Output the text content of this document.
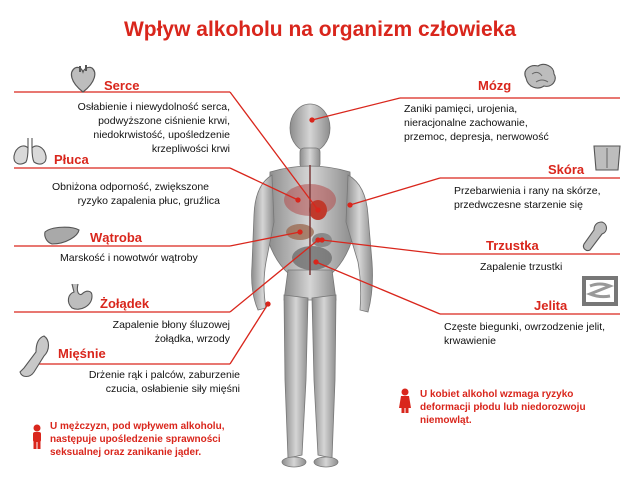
Wpływ alkoholu na organizm człowieka
Serce
Osłabienie i niewydolność serca,
podwyższone ciśnienie krwi,
niedokrwistość, upośledzenie
krzepliwości krwi
Płuca
Obniżona odporność, zwiększone
ryzyko zapalenia płuc, gruźlica
Wątroba
Marskość i nowotwór wątroby
Żołądek
Zapalenie błony śluzowej
żołądka, wrzody
Mięśnie
Drżenie rąk i palców, zaburzenie
czucia, osłabienie siły mięśni
Mózg
Zaniki pamięci, urojenia,
nieracjonalne zachowanie,
przemoc, depresja, nerwowość
Skóra
Przebarwienia i rany na skórze,
przedwczesne starzenie się
Trzustka
Zapalenie trzustki
Jelita
Częste biegunki, owrzodzenie jelit,
krwawienie
U mężczyzn, pod wpływem alkoholu,
następuje upośledzenie sprawności
seksualnej oraz zanikanie jąder.
U kobiet alkohol wzmaga ryzyko
deformacji płodu lub niedorozwoju
niemowląt.
